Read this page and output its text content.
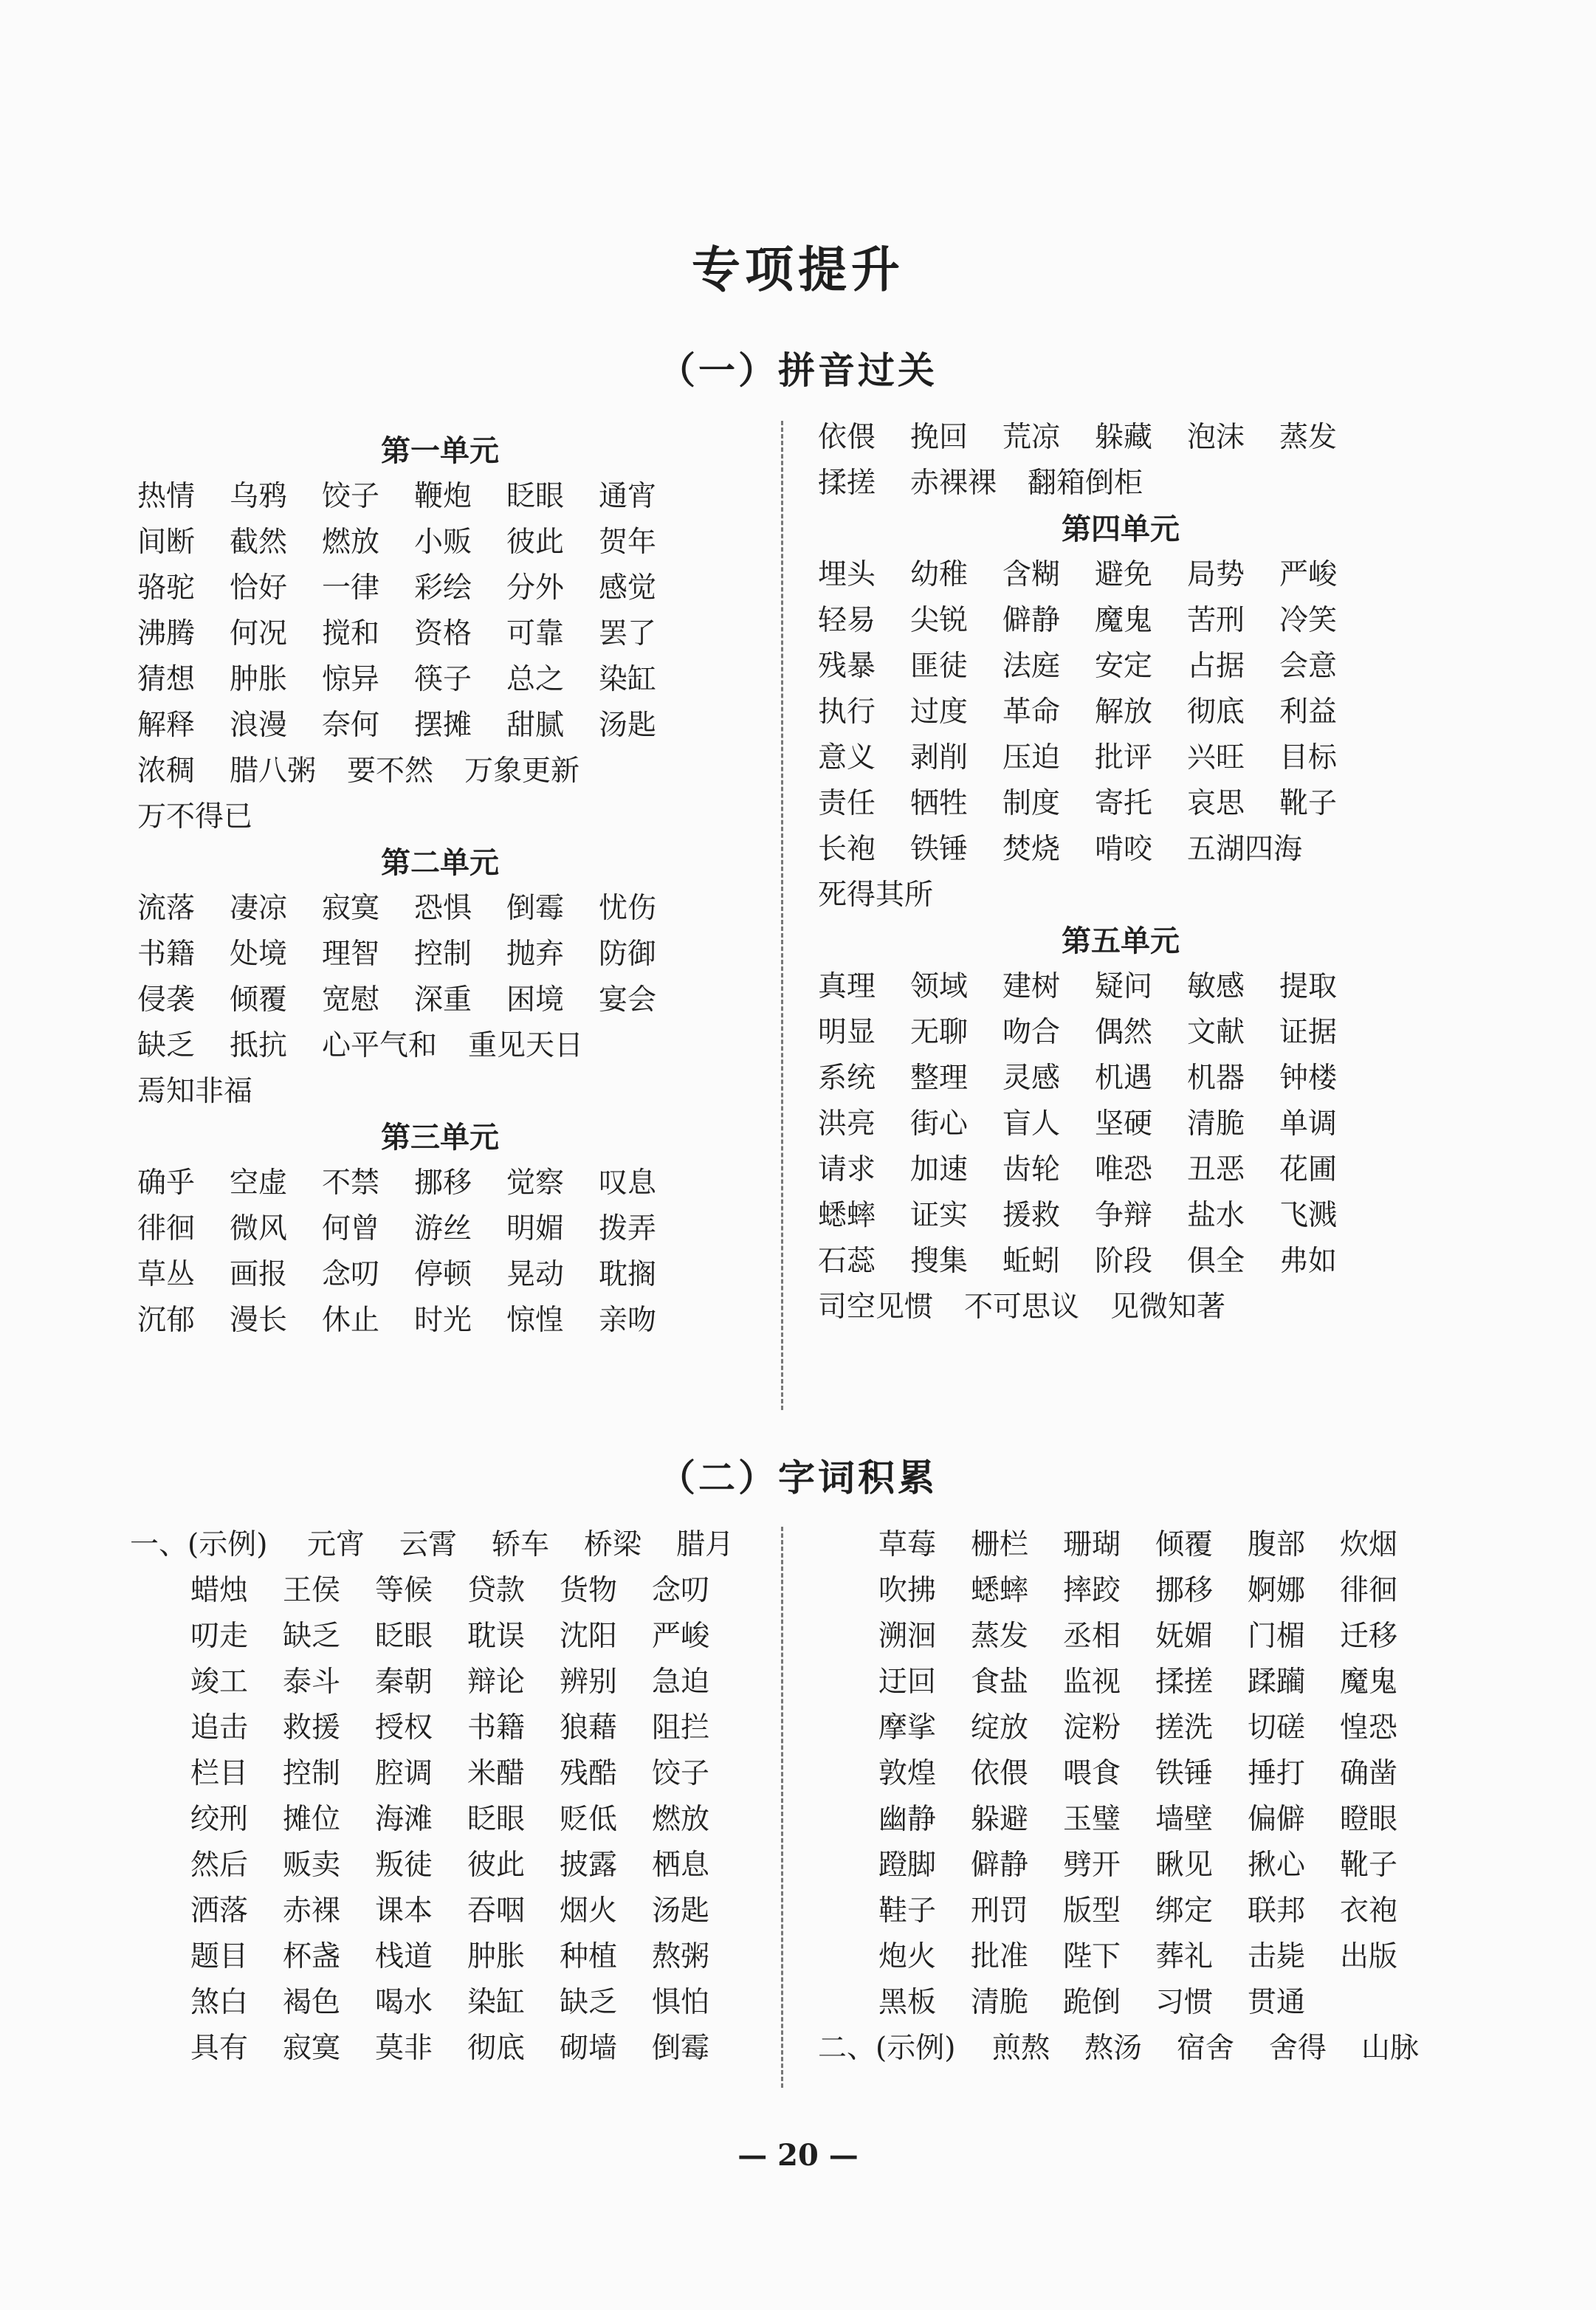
专项提升
（一）拼音过关
第一单元
热情 乌鸦 饺子 鞭炮 眨眼 通宵
间断 截然 燃放 小贩 彼此 贺年
骆驼 恰好 一律 彩绘 分外 感觉
沸腾 何况 搅和 资格 可靠 罢了
猜想 肿胀 惊异 筷子 总之 染缸
解释 浪漫 奈何 摆摊 甜腻 汤匙
浓稠 腊八粥 要不然 万象更新
万不得已
第二单元
流落 凄凉 寂寞 恐惧 倒霉 忧伤
书籍 处境 理智 控制 抛弃 防御
侵袭 倾覆 宽慰 深重 困境 宴会
缺乏 抵抗 心平气和 重见天日
焉知非福
第三单元
确乎 空虚 不禁 挪移 觉察 叹息
徘徊 微风 何曾 游丝 明媚 拨弄
草丛 画报 念叨 停顿 晃动 耽搁
沉郁 漫长 休止 时光 惊惶 亲吻
依偎 挽回 荒凉 躲藏 泡沫 蒸发
揉搓 赤裸裸 翻箱倒柜
第四单元
埋头 幼稚 含糊 避免 局势 严峻
轻易 尖锐 僻静 魔鬼 苦刑 冷笑
残暴 匪徒 法庭 安定 占据 会意
执行 过度 革命 解放 彻底 利益
意义 剥削 压迫 批评 兴旺 目标
责任 牺牲 制度 寄托 哀思 靴子
长袍 铁锤 焚烧 啃咬 五湖四海
死得其所
第五单元
真理 领域 建树 疑问 敏感 提取
明显 无聊 吻合 偶然 文献 证据
系统 整理 灵感 机遇 机器 钟楼
洪亮 街心 盲人 坚硬 清脆 单调
请求 加速 齿轮 唯恐 丑恶 花圃
蟋蟀 证实 援救 争辩 盐水 飞溅
石蕊 搜集 蚯蚓 阶段 俱全 弗如
司空见惯 不可思议 见微知著
（二）字词积累
一、(示例) 元宵 云霄 轿车 桥梁 腊月
蜡烛 王侯 等候 贷款 货物 念叨
叨走 缺乏 眨眼 耽误 沈阳 严峻
竣工 泰斗 秦朝 辩论 辨别 急迫
追击 救援 授权 书籍 狼藉 阻拦
栏目 控制 腔调 米醋 残酷 饺子
绞刑 摊位 海滩 眨眼 贬低 燃放
然后 贩卖 叛徒 彼此 披露 栖息
洒落 赤裸 课本 吞咽 烟火 汤匙
题目 杯盏 栈道 肿胀 种植 熬粥
煞白 褐色 喝水 染缸 缺乏 惧怕
具有 寂寞 莫非 彻底 砌墙 倒霉
草莓 栅栏 珊瑚 倾覆 腹部 炊烟
吹拂 蟋蟀 摔跤 挪移 婀娜 徘徊
溯洄 蒸发 丞相 妩媚 门楣 迁移
迂回 食盐 监视 揉搓 蹂躏 魔鬼
摩挲 绽放 淀粉 搓洗 切磋 惶恐
敦煌 依偎 喂食 铁锤 捶打 确凿
幽静 躲避 玉璧 墙壁 偏僻 瞪眼
蹬脚 僻静 劈开 瞅见 揪心 靴子
鞋子 刑罚 版型 绑定 联邦 衣袍
炮火 批准 陛下 葬礼 击毙 出版
黑板 清脆 跪倒 习惯 贯通
二、(示例) 煎熬 熬汤 宿舍 舍得 山脉
— 20 —
